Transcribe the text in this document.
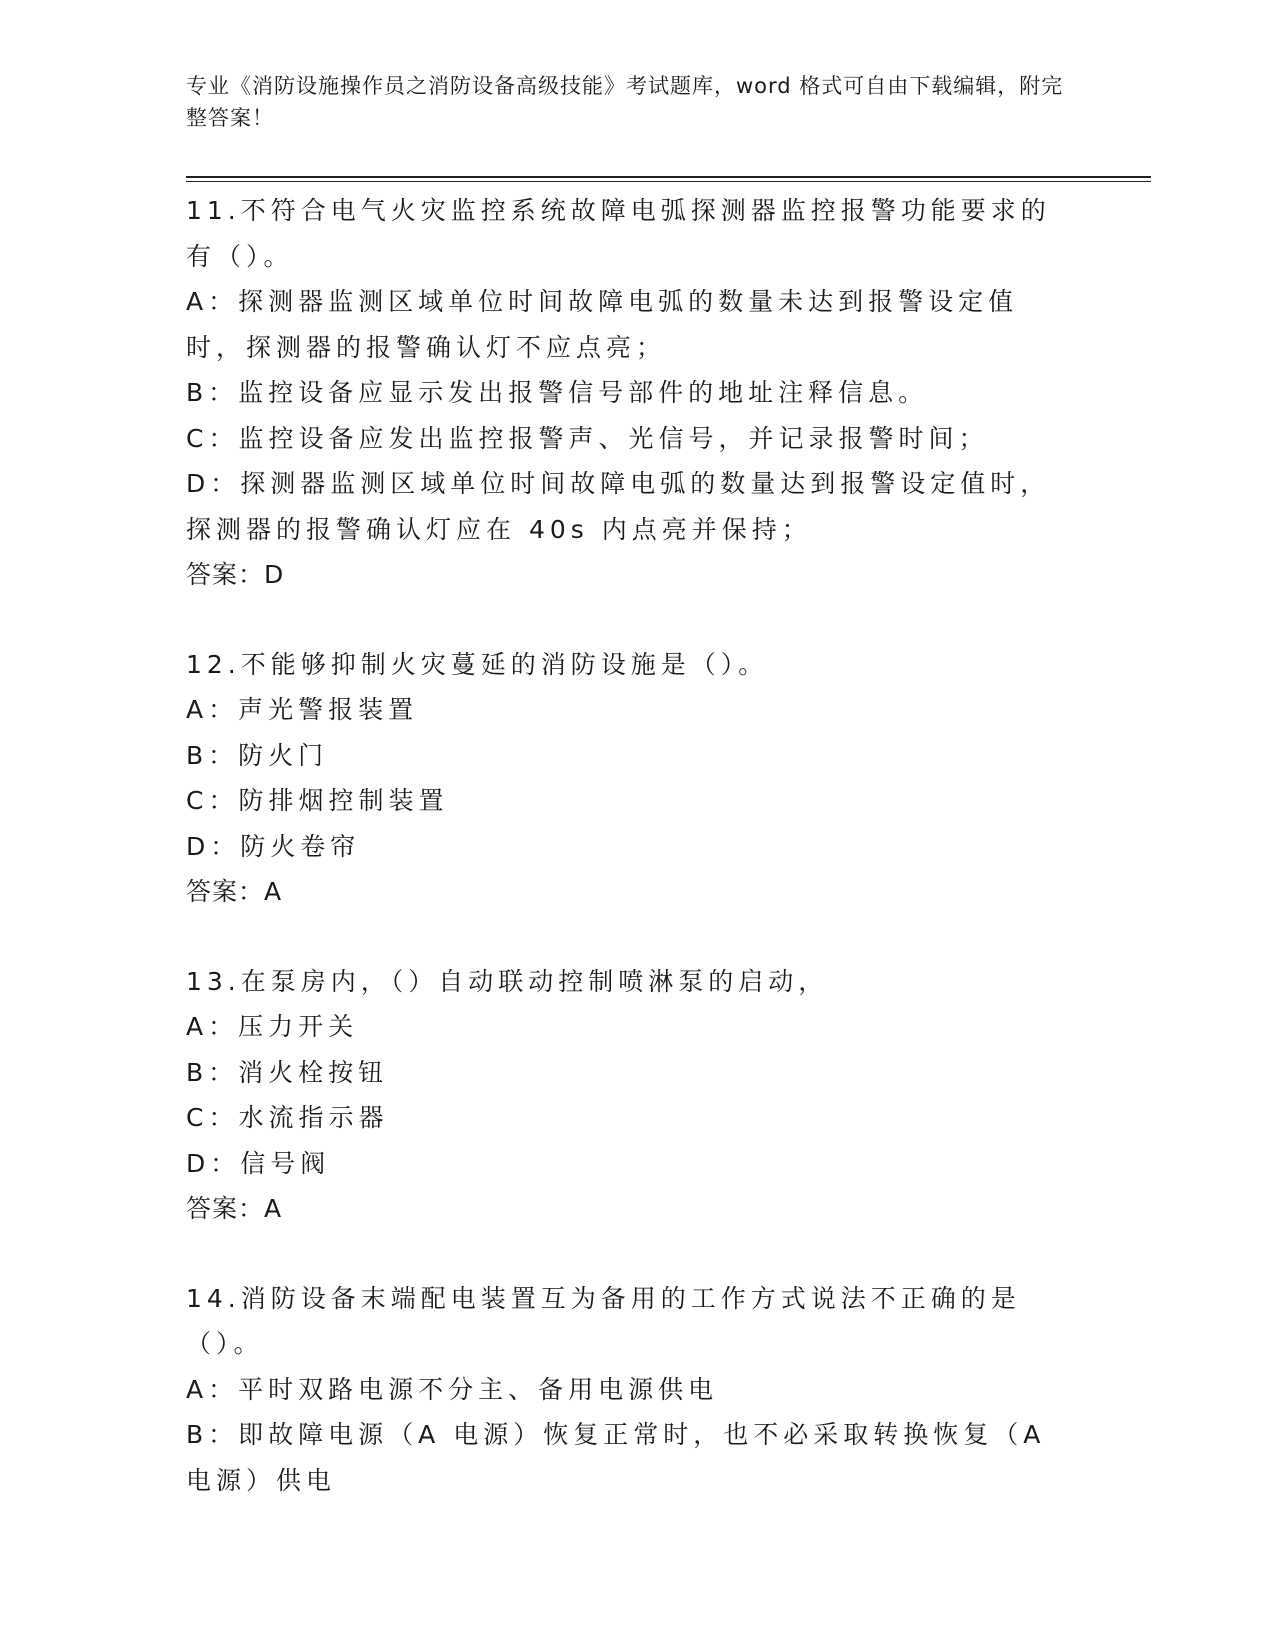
专业《消防设施操作员之消防设备高级技能》考试题库，word 格式可自由下载编辑，附完整答案！
11.不符合电气火灾监控系统故障电弧探测器监控报警功能要求的有（）。
A：探测器监测区域单位时间故障电弧的数量未达到报警设定值时，探测器的报警确认灯不应点亮；
B：监控设备应显示发出报警信号部件的地址注释信息。
C：监控设备应发出监控报警声、光信号，并记录报警时间；
D：探测器监测区域单位时间故障电弧的数量达到报警设定值时，探测器的报警确认灯应在 40s 内点亮并保持；
答案：D
12.不能够抑制火灾蔓延的消防设施是（）。
A：声光警报装置
B：防火门
C：防排烟控制装置
D：防火卷帘
答案：A
13.在泵房内，（）自动联动控制喷淋泵的启动，
A：压力开关
B：消火栓按钮
C：水流指示器
D：信号阀
答案：A
14.消防设备末端配电装置互为备用的工作方式说法不正确的是（）。
A：平时双路电源不分主、备用电源供电
B：即故障电源（A 电源）恢复正常时，也不必采取转换恢复（A 电源）供电
